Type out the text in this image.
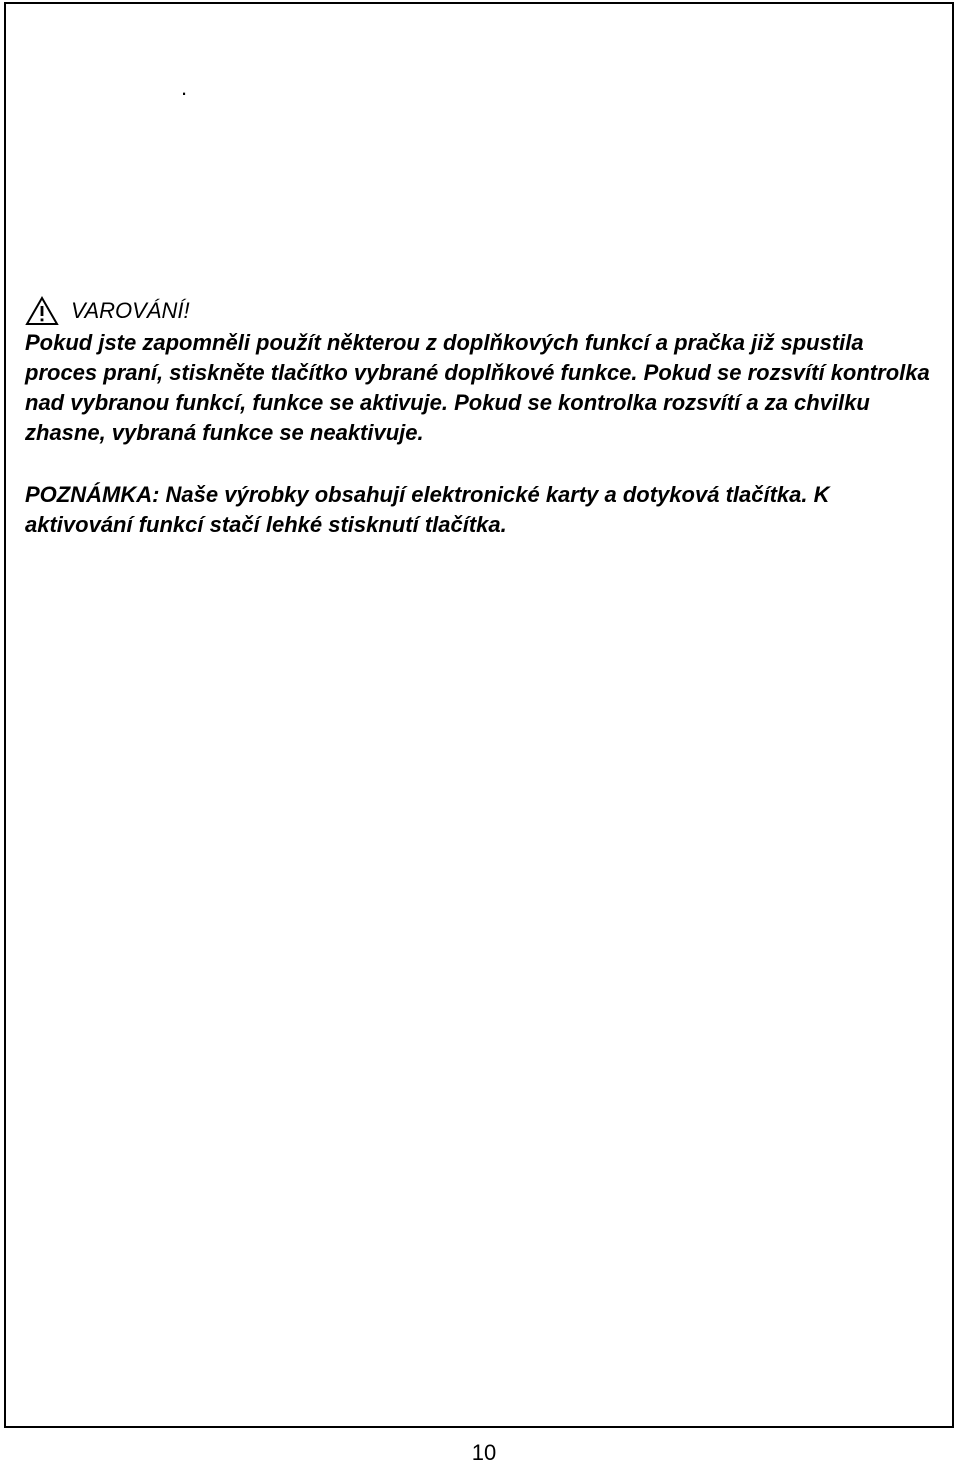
.
VAROVÁNÍ!

Pokud jste zapomněli použít některou z doplňkových funkcí a pračka již spustila proces praní, stiskněte tlačítko vybrané doplňkové funkce. Pokud se rozsvítí kontrolka nad vybranou funkcí, funkce se aktivuje. Pokud se kontrolka rozsvítí a za chvilku zhasne, vybraná funkce se neaktivuje.

POZNÁMKA: Naše výrobky obsahují elektronické karty a dotyková tlačítka. K aktivování funkcí stačí lehké stisknutí tlačítka.

10
